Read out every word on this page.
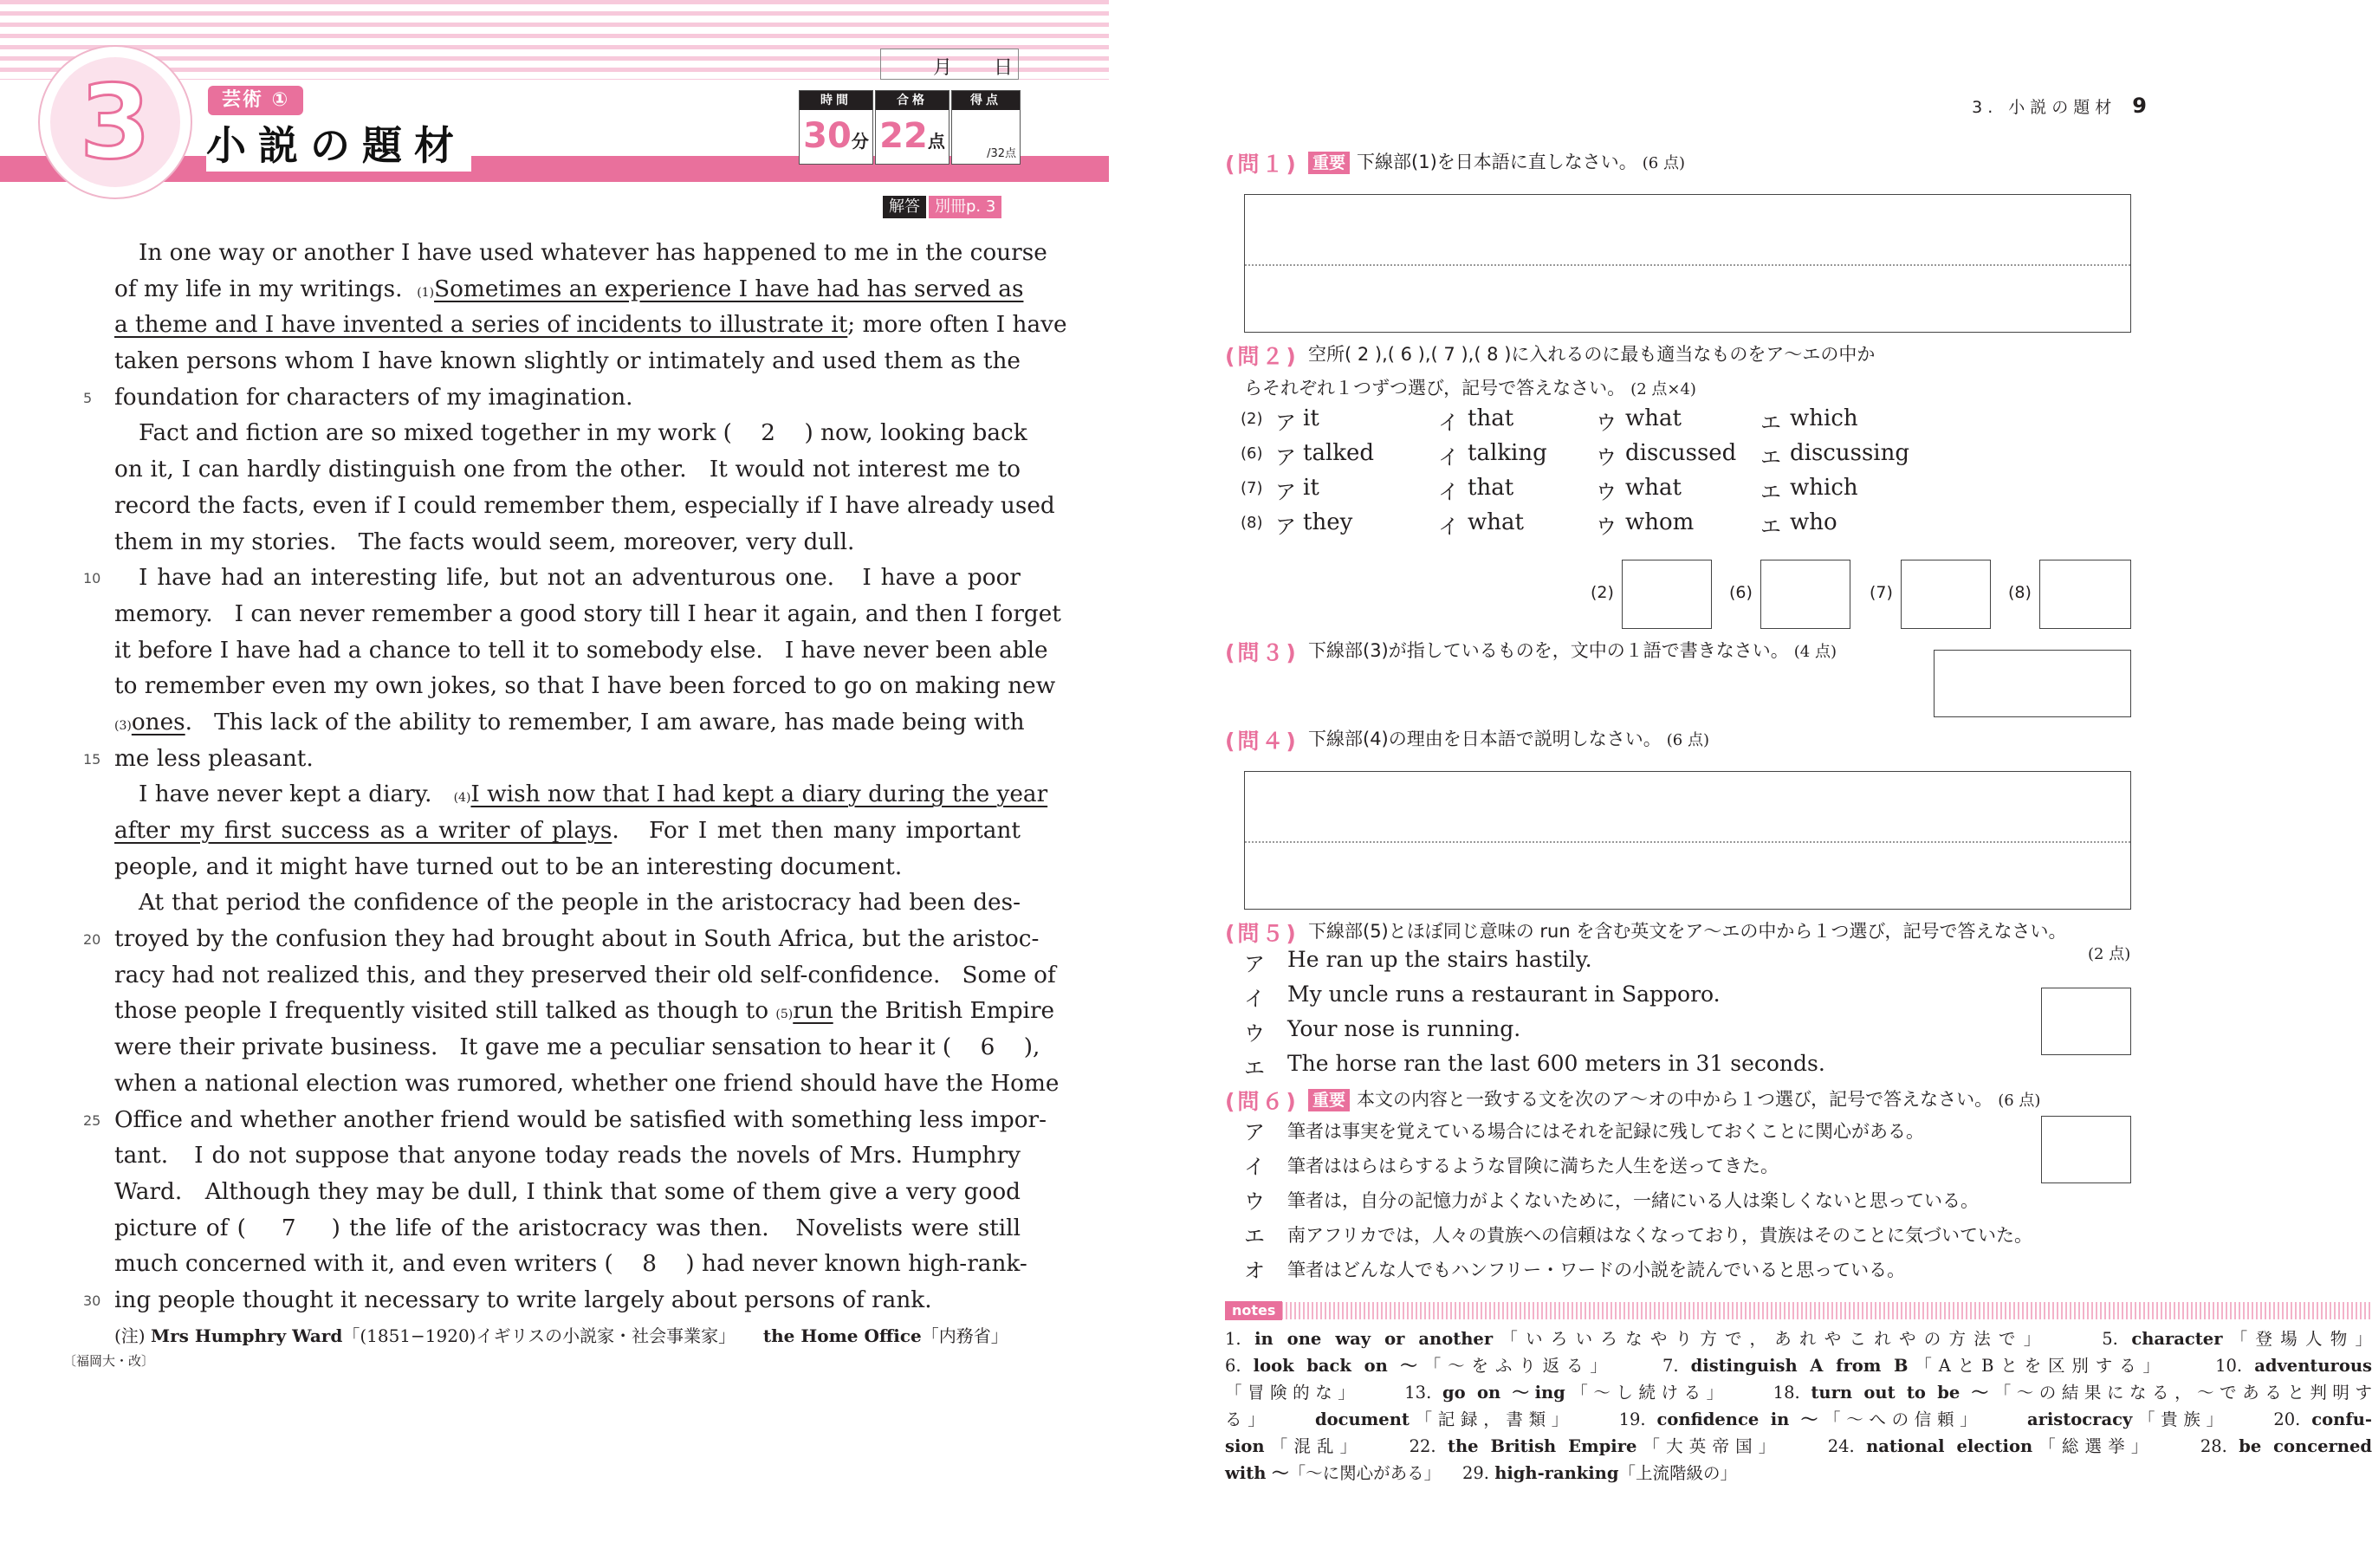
3	芸術 ①
小説の題材
月 日
時間
30分
合格
22点
得点
/32点
解答 別冊p. 3
In one way or another I have used whatever has happened to me in the course
of my life in my writings.  (1)Sometimes an experience I have had has served as
a theme and I have invented a series of incidents to illustrate it; more often I have
taken persons whom I have known slightly or intimately and used them as the
5 foundation for characters of my imagination.
Fact and fiction are so mixed together in my work (    2    ) now, looking back
on it, I can hardly distinguish one from the other.   It would not interest me to
record the facts, even if I could remember them, especially if I have already used
them in my stories.   The facts would seem, moreover, very dull.
10 I have had an interesting life, but not an adventurous one.   I have a poor
memory.   I can never remember a good story till I hear it again, and then I forget
it before I have had a chance to tell it to somebody else.   I have never been able
to remember even my own jokes, so that I have been forced to go on making new
(3)ones.   This lack of the ability to remember, I am aware, has made being with
15 me less pleasant.
I have never kept a diary.   (4)I wish now that I had kept a diary during the year
after my first success as a writer of plays.   For I met then many important
people, and it might have turned out to be an interesting document.
At that period the confidence of the people in the aristocracy had been des-
20 troyed by the confusion they had brought about in South Africa, but the aristoc-
racy had not realized this, and they preserved their old self-confidence.   Some of
those people I frequently visited still talked as though to (5)run the British Empire
were their private business.   It gave me a peculiar sensation to hear it (    6    ),
when a national election was rumored, whether one friend should have the Home
25 Office and whether another friend would be satisfied with something less impor-
tant.   I do not suppose that anyone today reads the novels of Mrs. Humphry
Ward.   Although they may be dull, I think that some of them give a very good
picture of (    7    ) the life of the aristocracy was then.   Novelists were still
much concerned with it, and even writers (    8    ) had never known high-rank-
30 ing people thought it necessary to write largely about persons of rank.
(注) Mrs Humphry Ward「(1851−1920)イギリスの小説家・社会事業家」 the Home Office「内務省」
〔福岡大・改〕
3. 小説の題材 9
(問１) 重要 下線部(1)を日本語に直しなさい。 (6 点)
(問２) 空所( 2 ),( 6 ),( 7 ),( 8 )に入れるのに最も適当なものをア〜エの中か
らそれぞれ１つずつ選び，記号で答えなさい。 (2 点×4)
(2) ア it	イ that	ウ what	エ which
(6) ア talked	イ talking ウ discussed エ discussing
(7) ア it	イ that	ウ what	エ which
(8) ア they	イ what	ウ whom	エ who
(2)	(6)	(7)	(8)
(問３) 下線部(3)が指しているものを，文中の１語で書きなさい。 (4 点)
(問４) 下線部(4)の理由を日本語で説明しなさい。 (6 点)
(問５) 下線部(5)とほぼ同じ意味の run を含む英文をア〜エの中から１つ選び，記号で答えなさい。
(2 点)
ア He ran up the stairs hastily.
イ My uncle runs a restaurant in Sapporo.
ウ Your nose is running.
エ The horse ran the last 600 meters in 31 seconds.
(問６) 重要 本文の内容と一致する文を次のア〜オの中から１つ選び，記号で答えなさい。 (6 点)
ア 筆者は事実を覚えている場合にはそれを記録に残しておくことに関心がある。
イ 筆者ははらはらするような冒険に満ちた人生を送ってきた。
ウ 筆者は，自分の記憶力がよくないために，一緒にいる人は楽しくないと思っている。
エ 南アフリカでは，人々の貴族への信頼はなくなっており，貴族はそのことに気づいていた。
オ 筆者はどんな人でもハンフリー・ワードの小説を読んでいると思っている。
notes
1. in one way or another「いろいろなやり方で，あれやこれやの方法で」    5. character「登場人物」
6. look back on 〜「〜をふり返る」    7. distinguish A from B「AとBとを区別する」    10. adventurous
「冒険的な」    13. go on 〜ing「〜し続ける」    18. turn out to be 〜「〜の結果になる，〜であると判明す
る」    document「記録，書類」    19. confidence in 〜「〜への信頼」    aristocracy「貴族」    20. confu-
sion「混乱」    22. the British Empire「大英帝国」    24. national election「総選挙」    28. be concerned
with 〜「〜に関心がある」    29. high-ranking「上流階級の」
